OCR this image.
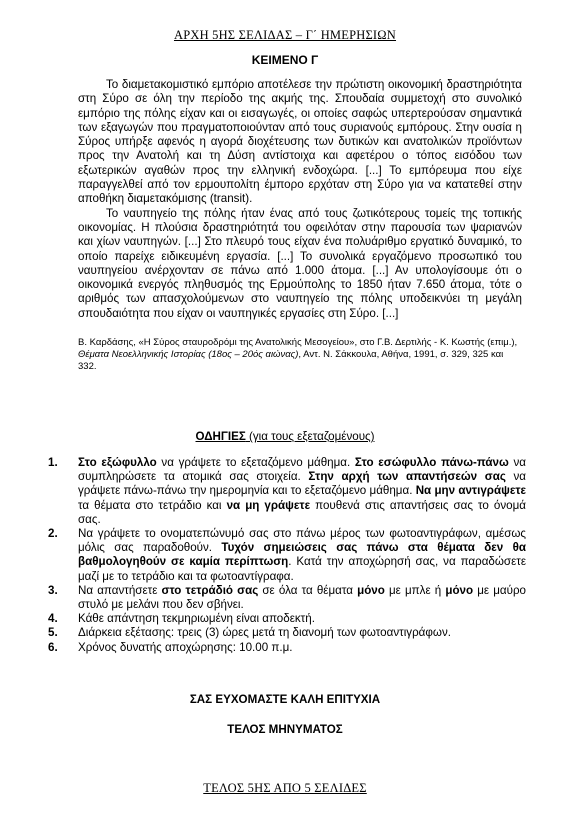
ΑΡΧΗ 5ΗΣ ΣΕΛΙΔΑΣ – Γ΄ ΗΜΕΡΗΣΙΩΝ
ΚΕΙΜΕΝΟ Γ

Το διαμετακομιστικό εμπόριο αποτέλεσε την πρώτιστη οικονομική δραστηριότητα στη Σύρο σε όλη την περίοδο της ακμής της. Σπουδαία συμμετοχή στο συνολικό εμπόριο της πόλης είχαν και οι εισαγωγές, οι οποίες σαφώς υπερτερούσαν σημαντικά των εξαγωγών που πραγματοποιούνταν από τους συριανούς εμπόρους. Στην ουσία η Σύρος υπήρξε αφενός η αγορά διοχέτευσης των δυτικών και ανατολικών προϊόντων προς την Ανατολή και τη Δύση αντίστοιχα και αφετέρου ο τόπος εισόδου των εξωτερικών αγαθών προς την ελληνική ενδοχώρα. [...] Το εμπόρευμα που είχε παραγγελθεί από τον ερμουπολίτη έμπορο ερχόταν στη Σύρο για να κατατεθεί στην αποθήκη διαμετακόμισης (transit).

Το ναυπηγείο της πόλης ήταν ένας από τους ζωτικότερους τομείς της τοπικής οικονομίας. Η πλούσια δραστηριότητά του οφειλόταν στην παρουσία των ψαριανών και χίων ναυπηγών. [...] Στο πλευρό τους είχαν ένα πολυάριθμο εργατικό δυναμικό, το οποίο παρείχε ειδικευμένη εργασία. [...] Το συνολικά εργαζόμενο προσωπικό του ναυπηγείου ανέρχονταν σε πάνω από 1.000 άτομα. [...] Αν υπολογίσουμε ότι ο οικονομικά ενεργός πληθυσμός της Ερμούπολης το 1850 ήταν 7.650 άτομα, τότε ο αριθμός των απασχολούμενων στο ναυπηγείο της πόλης υποδεικνύει τη μεγάλη σπουδαιότητα που είχαν οι ναυπηγικές εργασίες στη Σύρο. [...]

Β. Καρδάσης, «Η Σύρος σταυροδρόμι της Ανατολικής Μεσογείου», στο Γ.Β. Δερτιλής - Κ. Κωστής (επιμ.), Θέματα Νεοελληνικής Ιστορίας (18ος – 20ός αιώνας), Αντ. Ν. Σάκκουλα, Αθήνα, 1991, σ. 329, 325 και 332.
ΟΔΗΓΙΕΣ (για τους εξεταζομένους)
1. Στο εξώφυλλο να γράψετε το εξεταζόμενο μάθημα. Στο εσώφυλλο πάνω-πάνω να συμπληρώσετε τα ατομικά σας στοιχεία. Στην αρχή των απαντήσεών σας να γράψετε πάνω-πάνω την ημερομηνία και το εξεταζόμενο μάθημα. Να μην αντιγράψετε τα θέματα στο τετράδιο και να μη γράψετε πουθενά στις απαντήσεις σας το όνομά σας.
2. Να γράψετε το ονοματεπώνυμό σας στο πάνω μέρος των φωτοαντιγράφων, αμέσως μόλις σας παραδοθούν. Τυχόν σημειώσεις σας πάνω στα θέματα δεν θα βαθμολογηθούν σε καμία περίπτωση. Κατά την αποχώρησή σας, να παραδώσετε μαζί με το τετράδιο και τα φωτοαντίγραφα.
3. Να απαντήσετε στο τετράδιό σας σε όλα τα θέματα μόνο με μπλε ή μόνο με μαύρο στυλό με μελάνι που δεν σβήνει.
4. Κάθε απάντηση τεκμηριωμένη είναι αποδεκτή.
5. Διάρκεια εξέτασης: τρεις (3) ώρες μετά τη διανομή των φωτοαντιγράφων.
6. Χρόνος δυνατής αποχώρησης: 10.00 π.μ.
ΣΑΣ ΕΥΧΟΜΑΣΤΕ ΚΑΛΗ ΕΠΙΤΥΧΙΑ
ΤΕΛΟΣ ΜΗΝΥΜΑΤΟΣ
ΤΕΛΟΣ 5ΗΣ ΑΠΟ 5 ΣΕΛΙΔΕΣ
